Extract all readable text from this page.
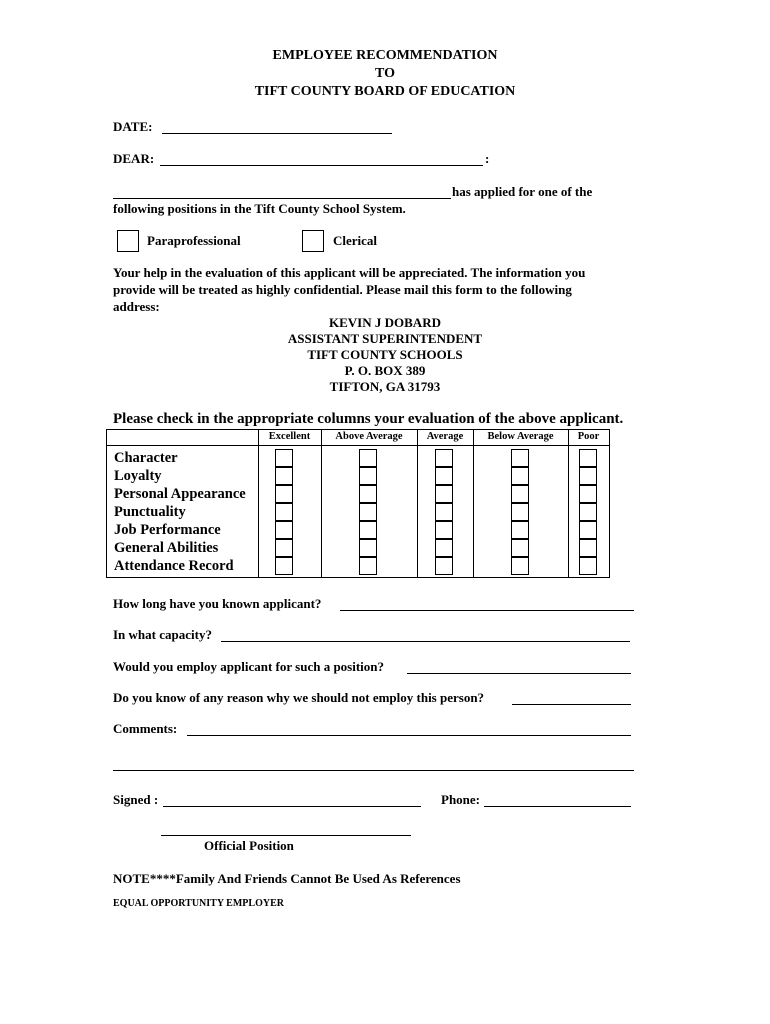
EMPLOYEE RECOMMENDATION
TO
TIFT COUNTY BOARD OF EDUCATION
DATE:
DEAR:	:
has applied for one of the
following positions in the Tift County School System.
Paraprofessional	Clerical
Your help in the evaluation of this applicant will be appreciated. The information you
provide will be treated as highly confidential. Please mail this form to the following
address:
KEVIN J DOBARD
ASSISTANT SUPERINTENDENT
TIFT COUNTY SCHOOLS
P. O. BOX 389
TIFTON, GA 31793
Please check in the appropriate columns your evaluation of the above applicant.
Excellent	Above Average	Average	Below Average	Poor
Character
Loyalty
Personal Appearance
Punctuality
Job Performance
General Abilities
Attendance Record
How long have you known applicant?
In what capacity?
Would you employ applicant for such a position?
Do you know of any reason why we should not employ this person?
Comments:
Signed :	Phone:
Official Position
NOTE****Family And Friends Cannot Be Used As References
EQUAL OPPORTUNITY EMPLOYER
